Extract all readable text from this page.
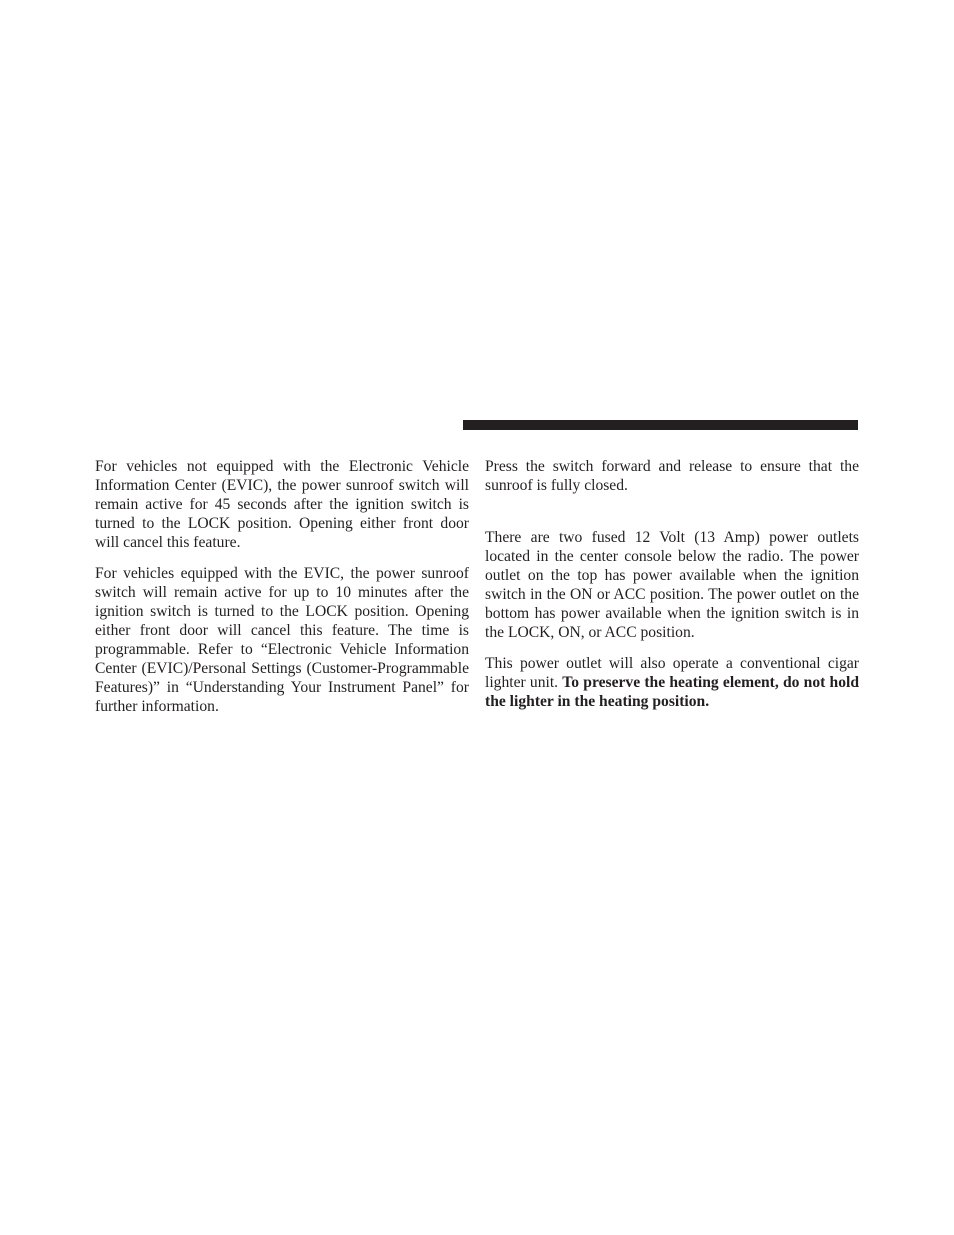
For vehicles not equipped with the Electronic Vehicle Information Center (EVIC), the power sunroof switch will remain active for 45 seconds after the ignition switch is turned to the LOCK position. Opening either front door will cancel this feature.

For vehicles equipped with the EVIC, the power sunroof switch will remain active for up to 10 minutes after the ignition switch is turned to the LOCK position. Opening either front door will cancel this feature. The time is programmable. Refer to “Electronic Vehicle Information Center (EVIC)/Personal Settings (Customer-Programmable Features)” in “Understanding Your Instrument Panel” for further information.

Press the switch forward and release to ensure that the sunroof is fully closed.

There are two fused 12 Volt (13 Amp) power outlets located in the center console below the radio. The power outlet on the top has power available when the ignition switch in the ON or ACC position. The power outlet on the bottom has power available when the ignition switch is in the LOCK, ON, or ACC position.

This power outlet will also operate a conventional cigar lighter unit. To preserve the heating element, do not hold the lighter in the heating position.
